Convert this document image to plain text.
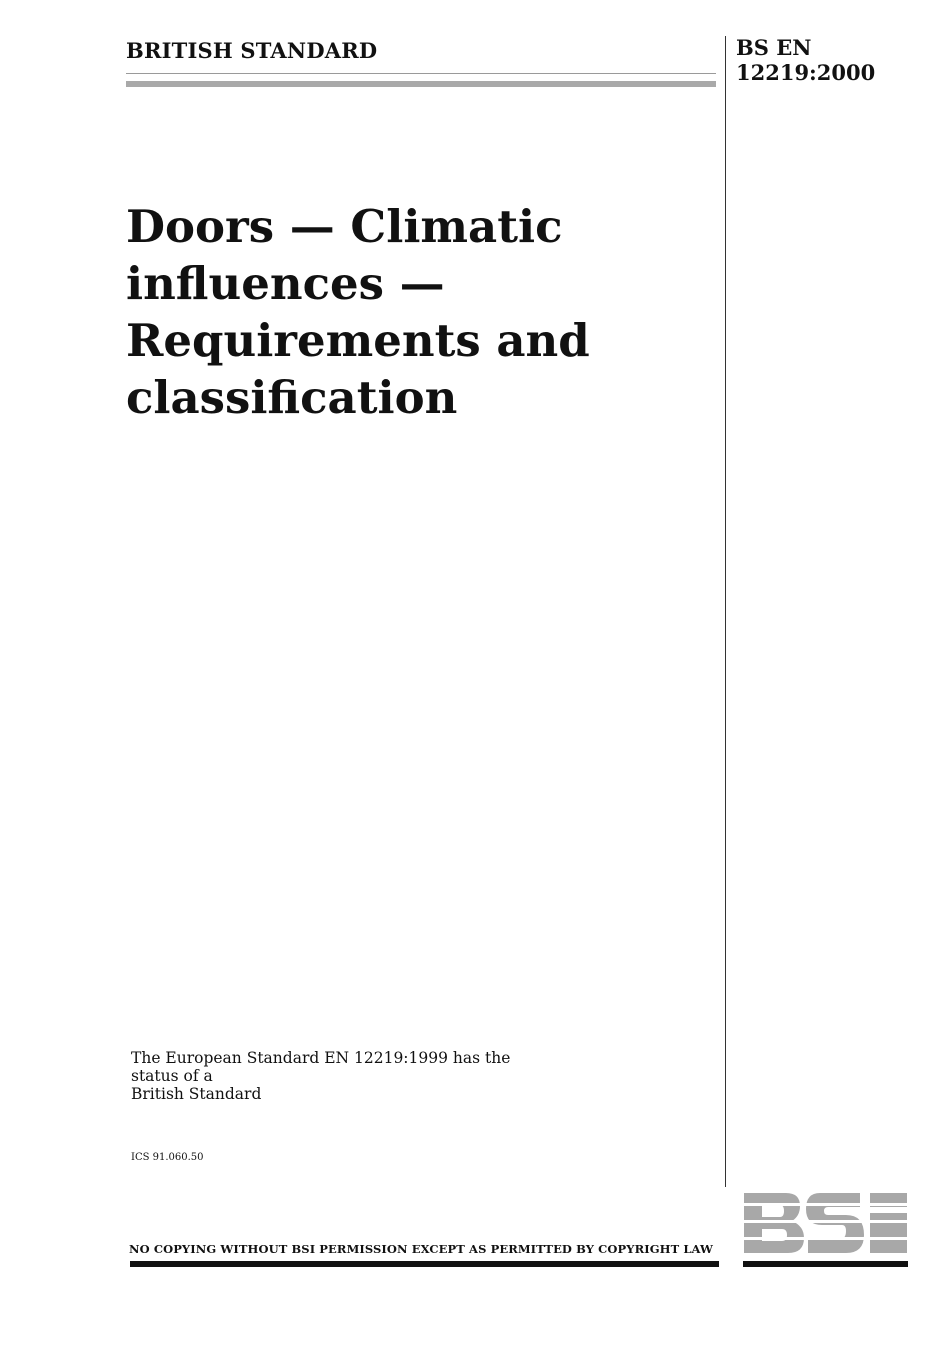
BRITISH STANDARD	BS EN
12219:2000
Doors — Climatic
influences —
Requirements and
classification
The European Standard EN 12219:1999 has the status of a
British Standard
ICS 91.060.50
NO COPYING WITHOUT BSI PERMISSION EXCEPT AS PERMITTED BY COPYRIGHT LAW
